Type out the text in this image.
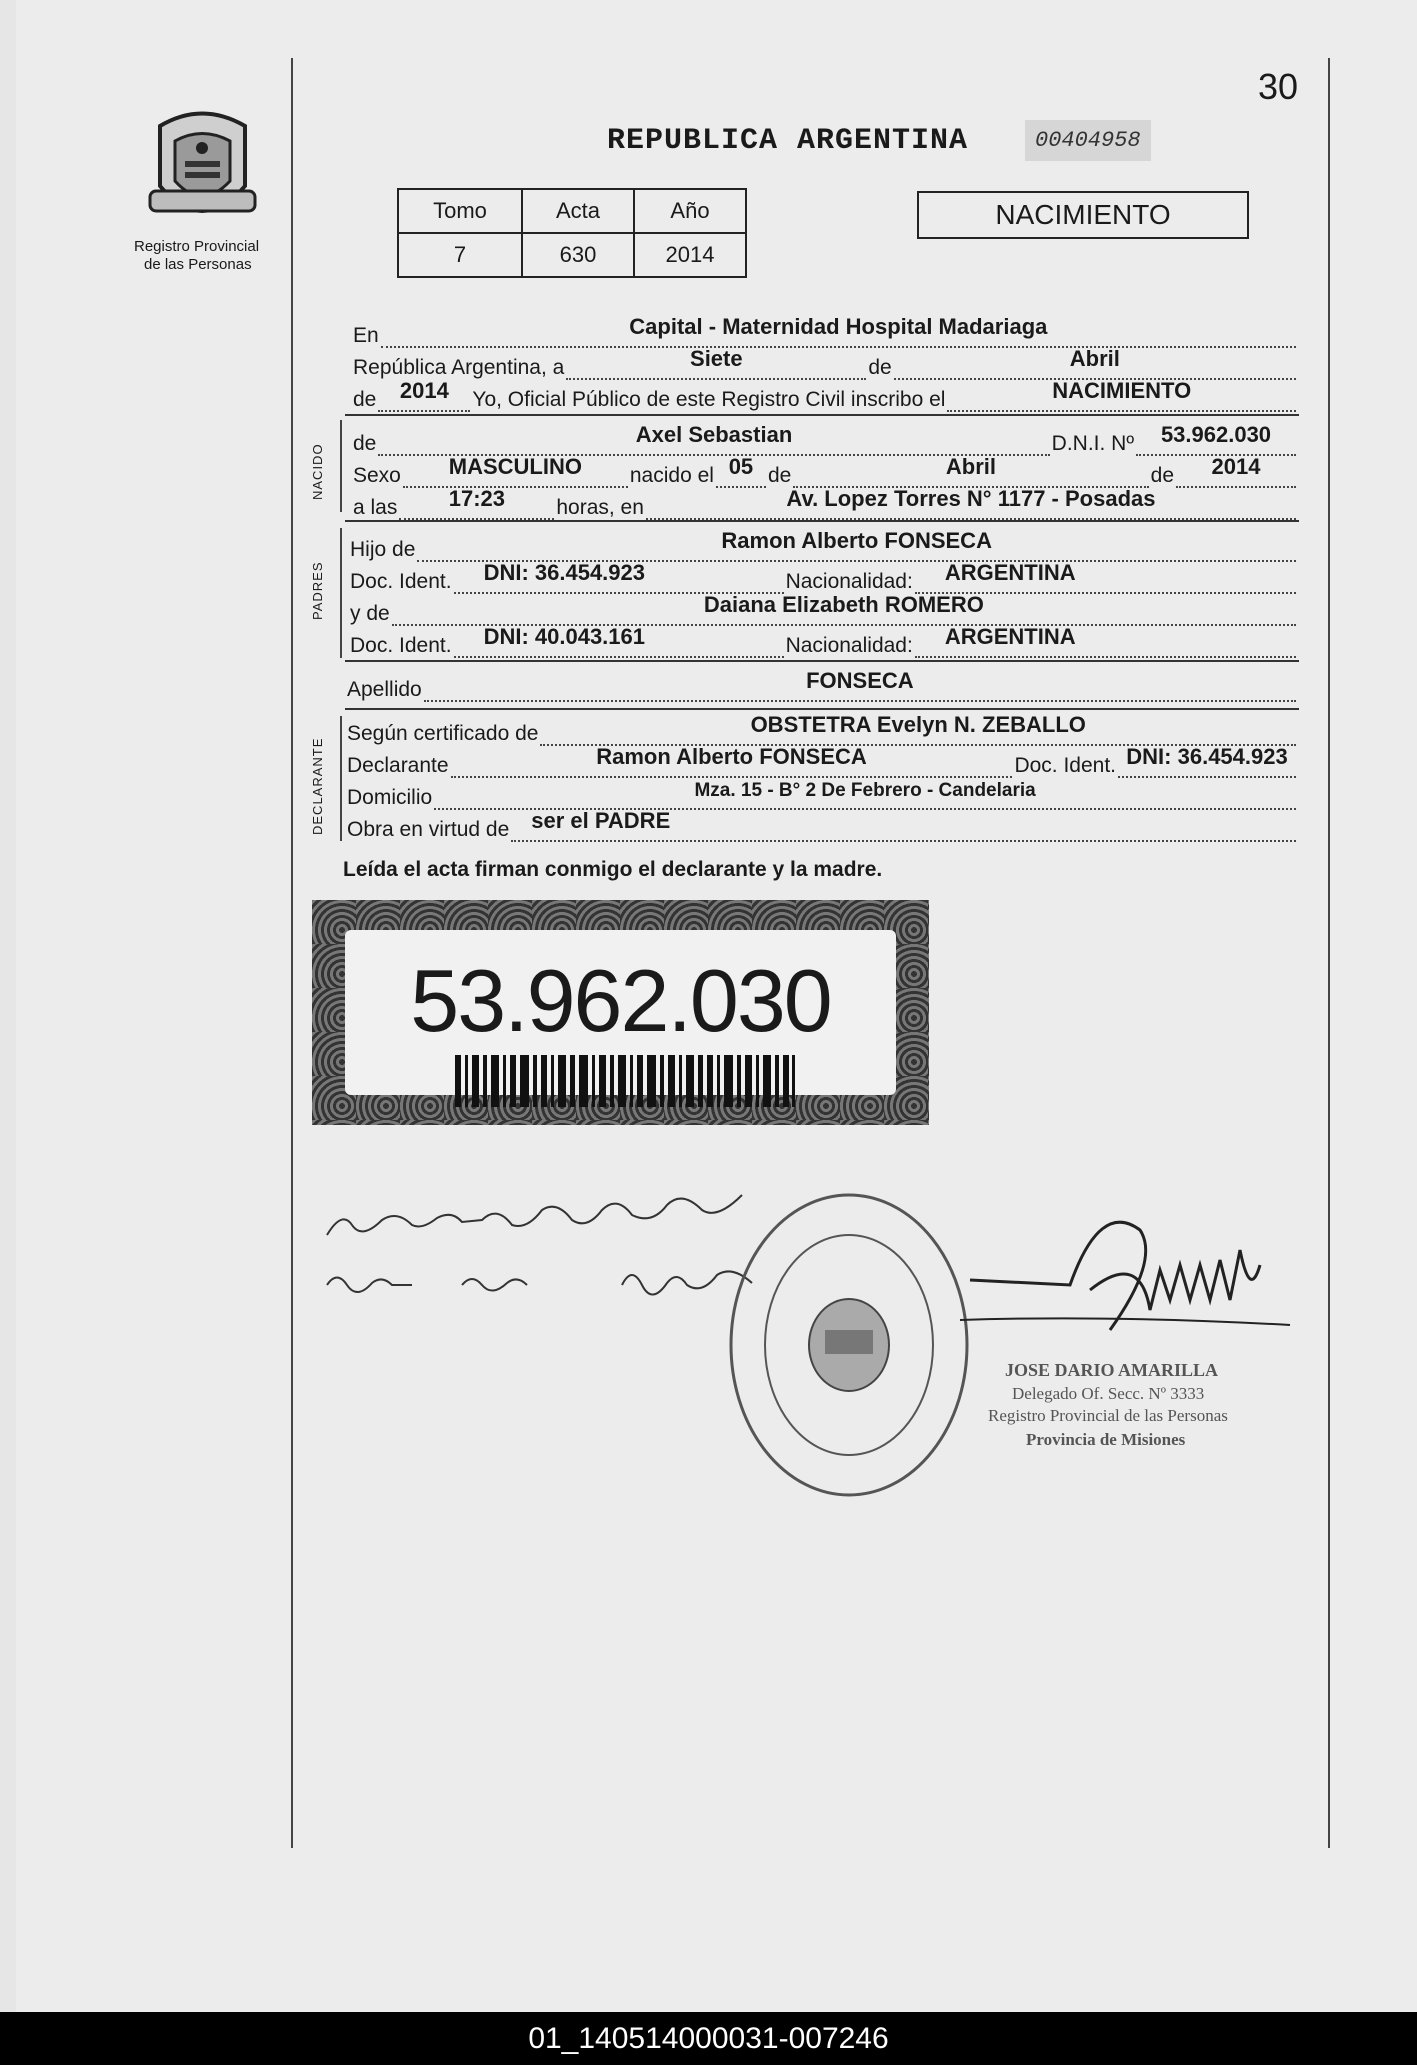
30
Registro Provincial
de las Personas
REPUBLICA ARGENTINA	00404958
Tomo	Acta	Año
7	630	2014
NACIMIENTO
En	Capital - Maternidad Hospital Madariaga
República Argentina, a	Siete	de	Abril
de 2014 Yo, Oficial Público de este Registro Civil inscribo el	NACIMIENTO
NACIDO de	Axel Sebastian	D.N.I. Nº 53.962.030
Sexo MASCULINO nacido el 05 de	Abril	de 2014
a las 17:23 horas, en	Av. Lopez Torres N° 1177 - Posadas
PADRES
Hijo de	Ramon Alberto FONSECA
Doc. Ident. DNI: 36.454.923	Nacionalidad: ARGENTINA
y de	Daiana Elizabeth ROMERO
Doc. Ident. DNI: 40.043.161	Nacionalidad: ARGENTINA
Apellido	FONSECA
DECLARANTE
Según certificado de	OBSTETRA Evelyn N. ZEBALLO
Declarante	Ramon Alberto FONSECA	Doc. Ident. DNI: 36.454.923
Domicilio	Mza. 15 - B° 2 De Febrero - Candelaria
Obra en virtud de ser el PADRE
Leída el acta firman conmigo el declarante y la madre.
53.962.030
JOSE DARIO AMARILLA
Delegado Of. Secc. Nº 3333
Registro Provincial de las Personas
Provincia de Misiones
01_140514000031-007246
